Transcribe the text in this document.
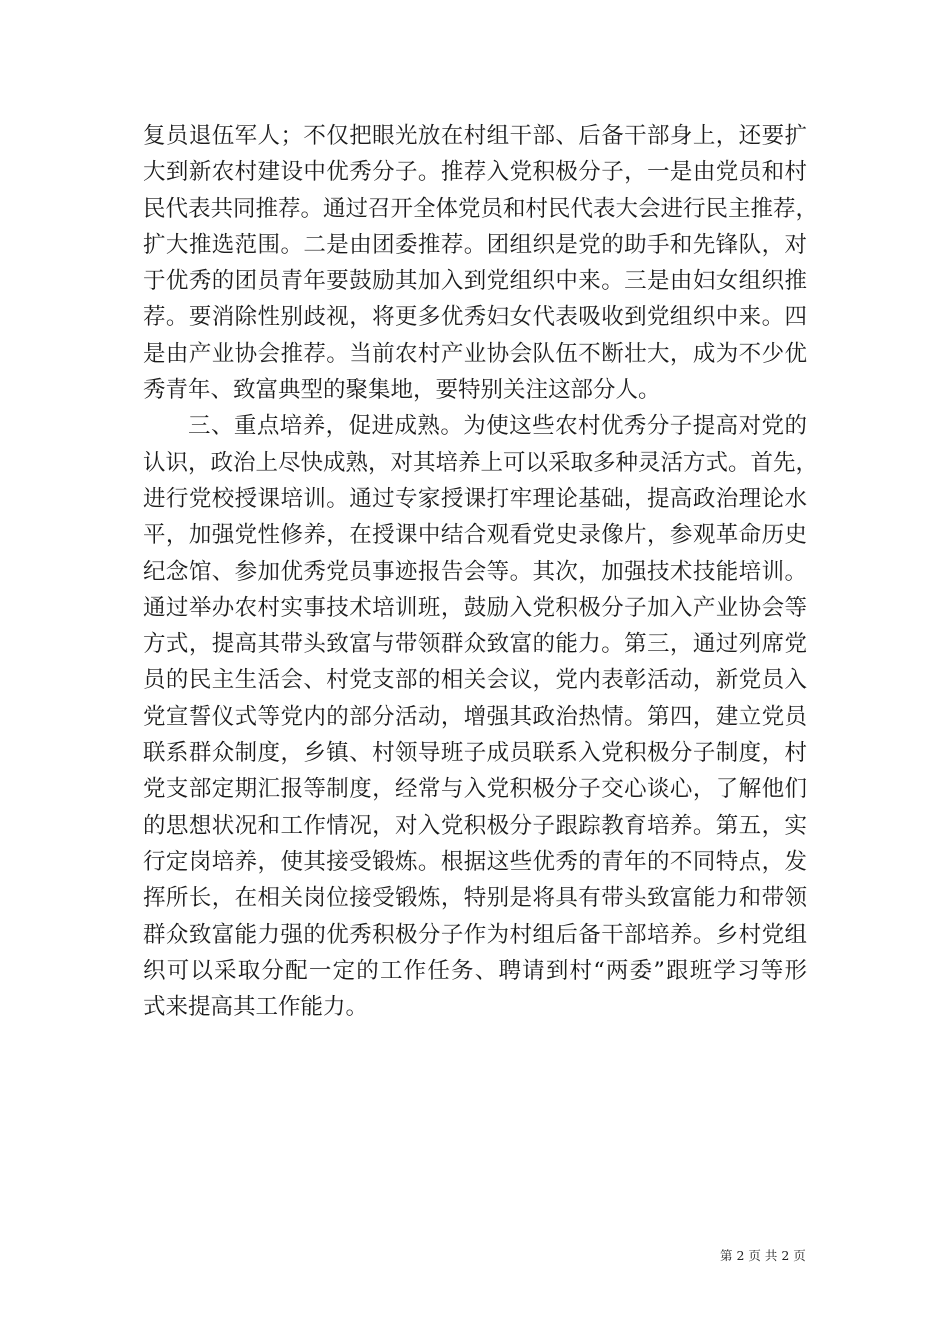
复员退伍军人；不仅把眼光放在村组干部、后备干部身上，还要扩
大到新农村建设中优秀分子。推荐入党积极分子，一是由党员和村
民代表共同推荐。通过召开全体党员和村民代表大会进行民主推荐，
扩大推选范围。二是由团委推荐。团组织是党的助手和先锋队，对
于优秀的团员青年要鼓励其加入到党组织中来。三是由妇女组织推
荐。要消除性别歧视，将更多优秀妇女代表吸收到党组织中来。四
是由产业协会推荐。当前农村产业协会队伍不断壮大，成为不少优
秀青年、致富典型的聚集地，要特别关注这部分人。
三、重点培养，促进成熟。为使这些农村优秀分子提高对党的
认识，政治上尽快成熟，对其培养上可以采取多种灵活方式。首先，
进行党校授课培训。通过专家授课打牢理论基础，提高政治理论水
平，加强党性修养，在授课中结合观看党史录像片，参观革命历史
纪念馆、参加优秀党员事迹报告会等。其次，加强技术技能培训。
通过举办农村实事技术培训班，鼓励入党积极分子加入产业协会等
方式，提高其带头致富与带领群众致富的能力。第三，通过列席党
员的民主生活会、村党支部的相关会议，党内表彰活动，新党员入
党宣誓仪式等党内的部分活动，增强其政治热情。第四，建立党员
联系群众制度，乡镇、村领导班子成员联系入党积极分子制度，村
党支部定期汇报等制度，经常与入党积极分子交心谈心，了解他们
的思想状况和工作情况，对入党积极分子跟踪教育培养。第五，实
行定岗培养，使其接受锻炼。根据这些优秀的青年的不同特点，发
挥所长，在相关岗位接受锻炼，特别是将具有带头致富能力和带领
群众致富能力强的优秀积极分子作为村组后备干部培养。乡村党组
织可以采取分配一定的工作任务、聘请到村“两委”跟班学习等形
式来提高其工作能力。
第 2 页 共 2 页
